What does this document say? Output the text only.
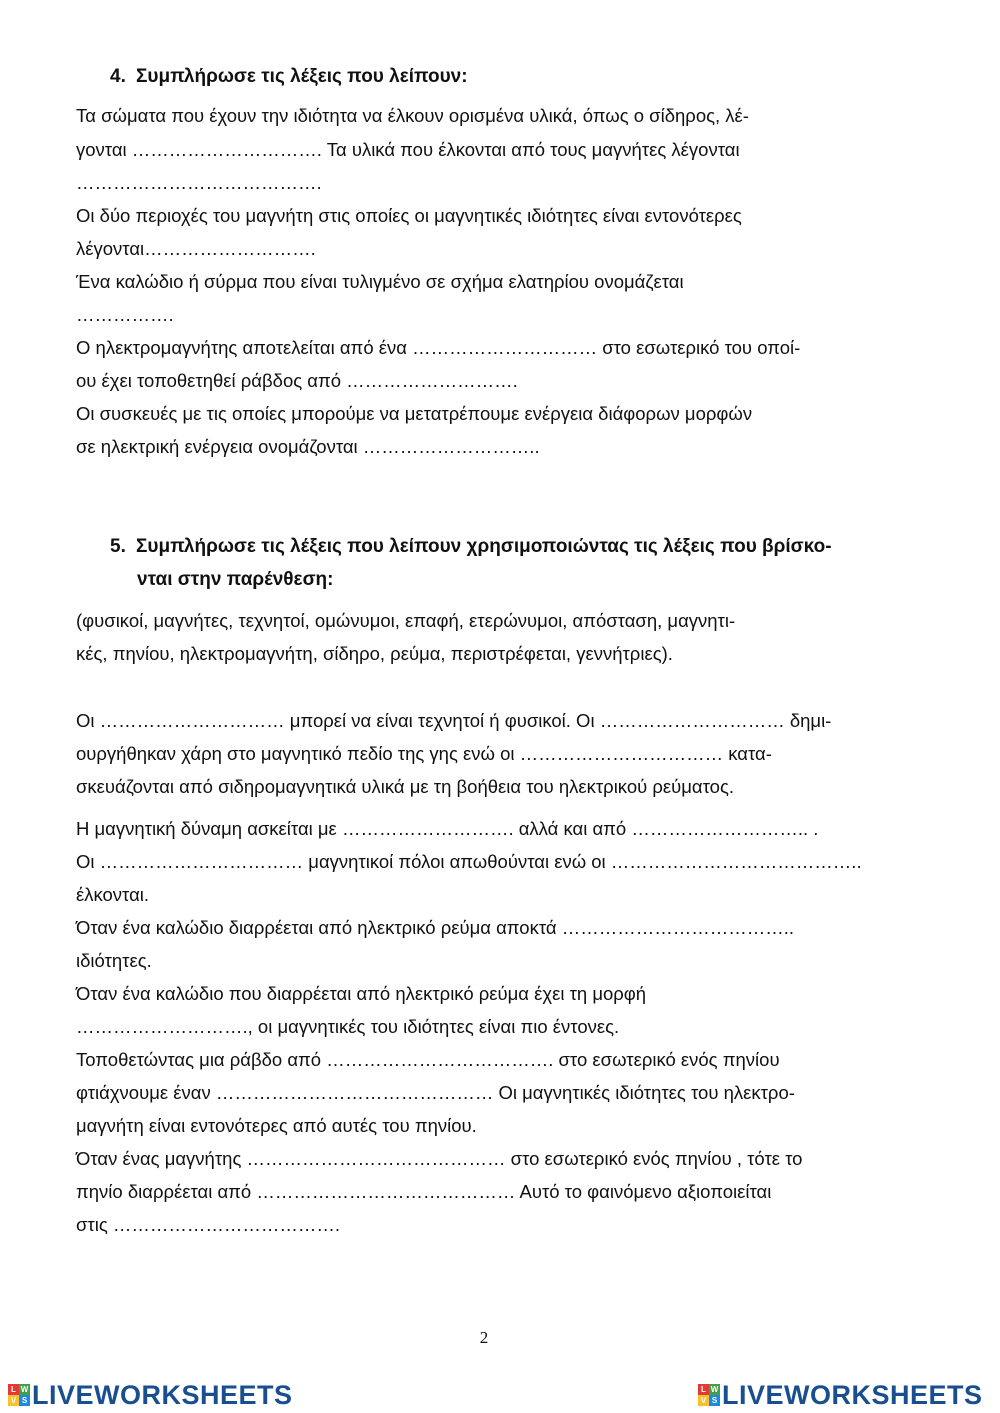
4. Συμπλήρωσε τις λέξεις που λείπουν:

Τα σώματα που έχουν την ιδιότητα να έλκουν ορισμένα υλικά, όπως ο σίδηρος, λέ-

γονται …………………………. Τα υλικά που έλκονται από τους μαγνήτες λέγονται

………………………………….

Οι δύο περιοχές του μαγνήτη στις οποίες οι μαγνητικές ιδιότητες είναι εντονότερες

λέγονται……………………….

Ένα καλώδιο ή σύρμα που είναι τυλιγμένο σε σχήμα ελατηρίου ονομάζεται

…………….

Ο ηλεκτρομαγνήτης αποτελείται από ένα ………………………… στο εσωτερικό του οποί-

ου έχει τοποθετηθεί ράβδος από ……………………….

Οι συσκευές με τις οποίες μπορούμε να μετατρέπουμε ενέργεια διάφορων μορφών

σε ηλεκτρική ενέργεια ονομάζονται ………………………..

5. Συμπλήρωσε τις λέξεις που λείπουν χρησιμοποιώντας τις λέξεις που βρίσκο-
νται στην παρένθεση:

(φυσικοί, μαγνήτες, τεχνητοί, ομώνυμοι, επαφή, ετερώνυμοι, απόσταση, μαγνητι-

κές, πηνίου, ηλεκτρομαγνήτη, σίδηρο, ρεύμα, περιστρέφεται, γεννήτριες).

Οι ………………………… μπορεί να είναι τεχνητοί ή φυσικοί. Οι ………………………… δημι-

ουργήθηκαν χάρη στο μαγνητικό πεδίο της γης ενώ οι …………………………… κατα-

σκευάζονται από σιδηρομαγνητικά υλικά με τη βοήθεια του ηλεκτρικού ρεύματος.

Η μαγνητική δύναμη ασκείται με ………………………. αλλά και από ……………………….. .

Οι …………………………… μαγνητικοί πόλοι απωθούνται ενώ οι …………………………………..

έλκονται.

Όταν ένα καλώδιο διαρρέεται από ηλεκτρικό ρεύμα αποκτά ………………………………..

ιδιότητες.

Όταν ένα καλώδιο που διαρρέεται από ηλεκτρικό ρεύμα έχει τη μορφή

………………………., οι μαγνητικές του ιδιότητες είναι πιο έντονες.

Τοποθετώντας μια ράβδο από ………………………………. στο εσωτερικό ενός πηνίου

φτιάχνουμε έναν ……………………………………… Οι μαγνητικές ιδιότητες του ηλεκτρο-

μαγνήτη είναι εντονότερες από αυτές του πηνίου.

Όταν ένας μαγνήτης …………………………………… στο εσωτερικό ενός πηνίου , τότε το

πηνίο διαρρέεται από …………………………………… Αυτό το φαινόμενο αξιοποιείται

στις ……………………………….

2
L W
V S LIVEWORKSHEETS	L W
V S LIVEWORKSHEETS
